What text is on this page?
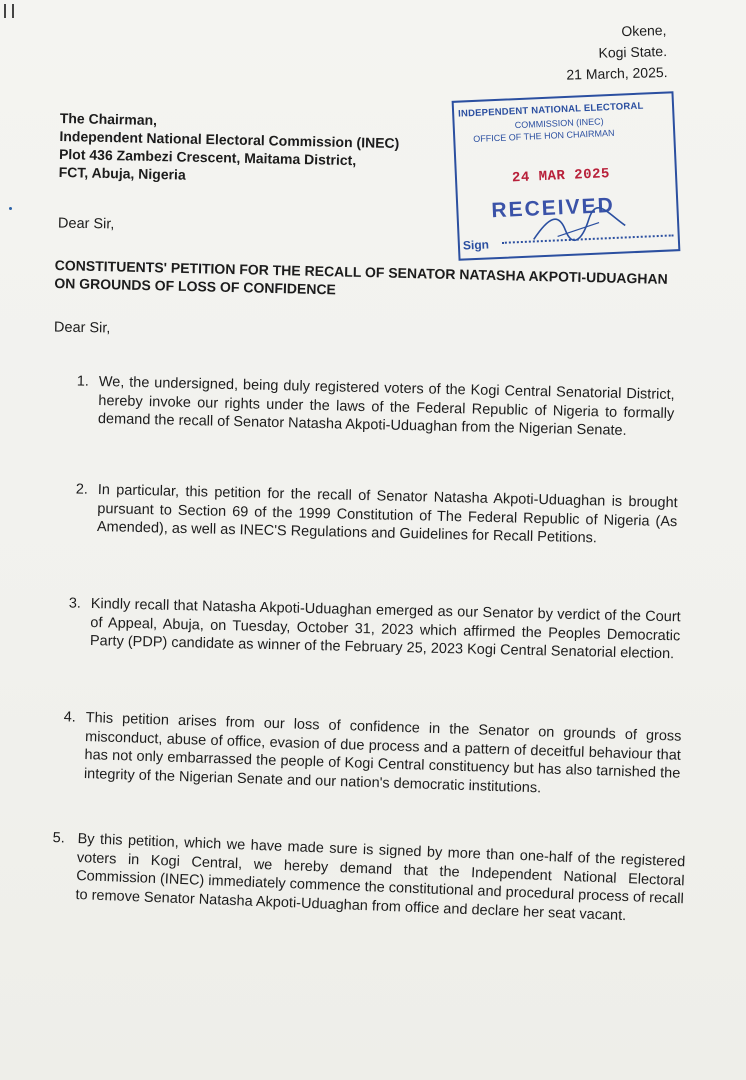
Okene,
Kogi State.
21 March, 2025.
The Chairman,
Independent National Electoral Commission (INEC)
Plot 436 Zambezi Crescent, Maitama District,
FCT, Abuja, Nigeria
INDEPENDENT NATIONAL ELECTORAL
COMMISSION (INEC)
OFFICE OF THE HON CHAIRMAN
24 MAR 2025
RECEIVED
Sign
Dear Sir,
CONSTITUENTS' PETITION FOR THE RECALL OF SENATOR NATASHA AKPOTI-UDUAGHAN ON GROUNDS OF LOSS OF CONFIDENCE
Dear Sir,
1. We, the undersigned, being duly registered voters of the Kogi Central Senatorial District, hereby invoke our rights under the laws of the Federal Republic of Nigeria to formally demand the recall of Senator Natasha Akpoti-Uduaghan from the Nigerian Senate.
2. In particular, this petition for the recall of Senator Natasha Akpoti-Uduaghan is brought pursuant to Section 69 of the 1999 Constitution of The Federal Republic of Nigeria (As Amended), as well as INEC'S Regulations and Guidelines for Recall Petitions.
3. Kindly recall that Natasha Akpoti-Uduaghan emerged as our Senator by verdict of the Court of Appeal, Abuja, on Tuesday, October 31, 2023 which affirmed the Peoples Democratic Party (PDP) candidate as winner of the February 25, 2023 Kogi Central Senatorial election.
4. This petition arises from our loss of confidence in the Senator on grounds of gross misconduct, abuse of office, evasion of due process and a pattern of deceitful behaviour that has not only embarrassed the people of Kogi Central constituency but has also tarnished the integrity of the Nigerian Senate and our nation's democratic institutions.
5. By this petition, which we have made sure is signed by more than one-half of the registered voters in Kogi Central, we hereby demand that the Independent National Electoral Commission (INEC) immediately commence the constitutional and procedural process of recall to remove Senator Natasha Akpoti-Uduaghan from office and declare her seat vacant.
